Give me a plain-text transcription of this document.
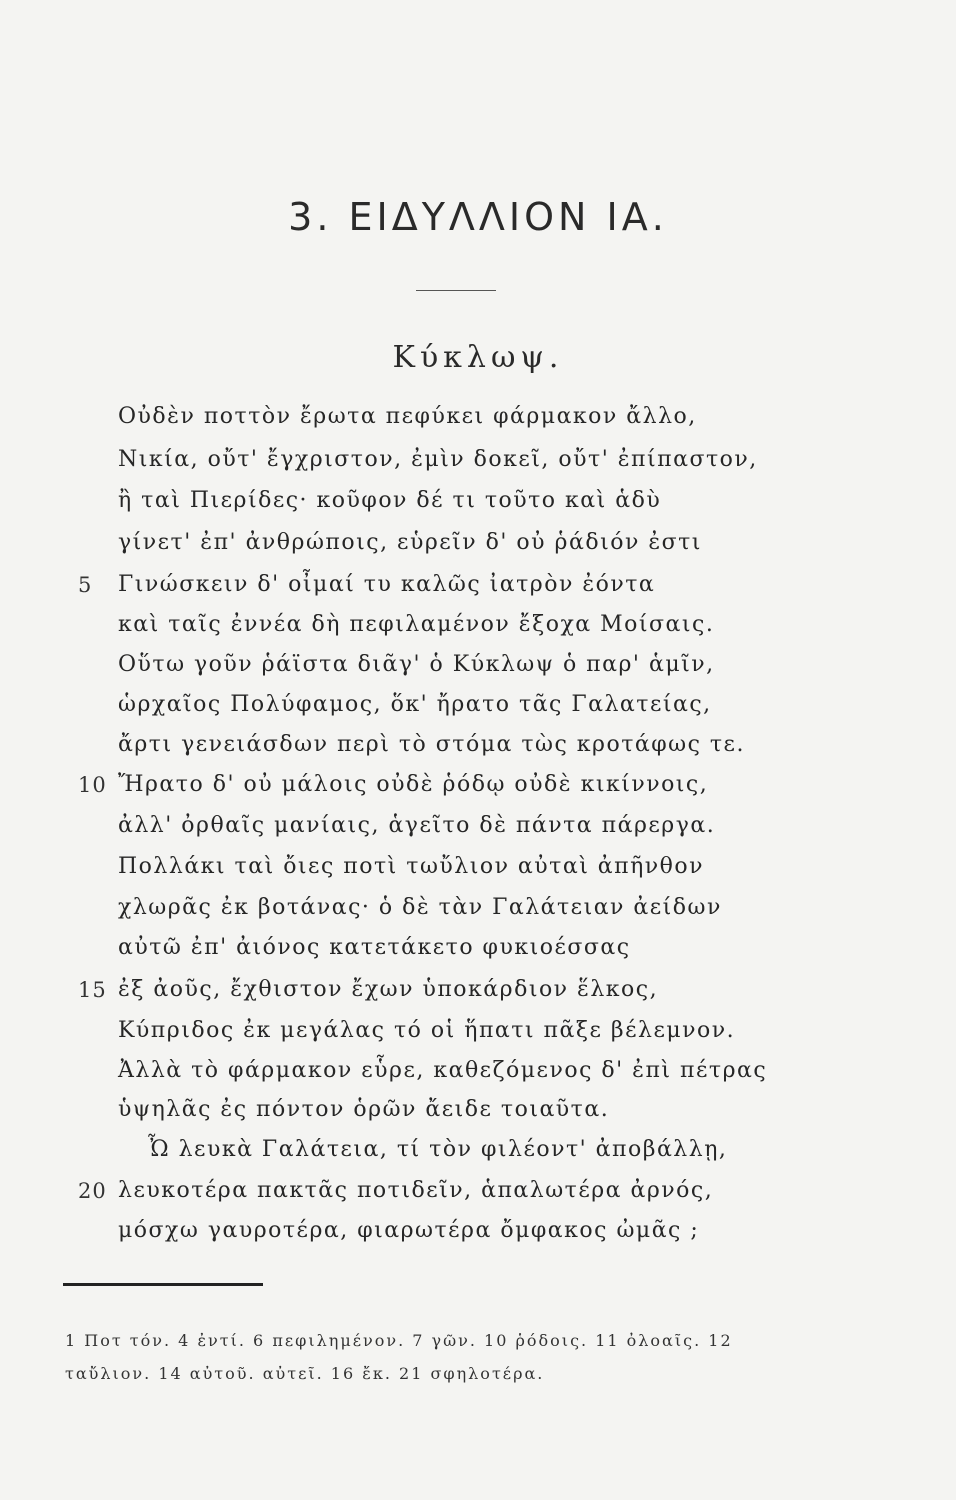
3. ΕΙΔΥΛΛΙΟΝ ΙΑ.
Κύκλωψ.
Οὐδὲν ποττὸν ἔρωτα πεφύκει φάρμακον ἄλλο,
Νικία, οὔτ' ἔγχριστον, ἐμὶν δοκεῖ, οὔτ' ἐπίπαστον,
ἢ ταὶ Πιερίδες· κοῦφον δέ τι τοῦτο καὶ ἁδὺ
γίνετ' ἐπ' ἀνθρώποις, εὑρεῖν δ' οὐ ῥάδιόν ἐστι
Γινώσκειν δ' οἶμαί τυ καλῶς ἰατρὸν ἐόντα
5
καὶ ταῖς ἐννέα δὴ πεφιλαμένον ἔξοχα Μοίσαις.
Οὕτω γοῦν ῥάϊστα διᾶγ' ὁ Κύκλωψ ὁ παρ' ἁμῖν,
ὡρχαῖος Πολύφαμος, ὅκ' ἤρατο τᾶς Γαλατείας,
ἄρτι γενειάσδων περὶ τὸ στόμα τὼς κροτάφως τε.
Ἤρατο δ' οὐ μάλοις οὐδὲ ῥόδῳ οὐδὲ κικίννοις,
10
ἀλλ' ὀρθαῖς μανίαις, ἁγεῖτο δὲ πάντα πάρεργα.
Πολλάκι ταὶ ὄιες ποτὶ τωὔλιον αὐταὶ ἀπῆνθον
χλωρᾶς ἐκ βοτάνας· ὁ δὲ τὰν Γαλάτειαν ἀείδων
αὐτῶ ἐπ' ἀιόνος κατετάκετο φυκιοέσσας
ἐξ ἀοῦς, ἔχθιστον ἔχων ὑποκάρδιον ἕλκος,
15
Κύπριδος ἐκ μεγάλας τό οἱ ἥπατι πᾶξε βέλεμνον.
Ἀλλὰ τὸ φάρμακον εὗρε, καθεζόμενος δ' ἐπὶ πέτρας
ὑψηλᾶς ἐς πόντον ὁρῶν ἄειδε τοιαῦτα.
Ὦ λευκὰ Γαλάτεια, τί τὸν φιλέοντ' ἀποβάλλῃ,
λευκοτέρα πακτᾶς ποτιδεῖν, ἁπαλωτέρα ἀρνός,
20
μόσχω γαυροτέρα, φιαρωτέρα ὄμφακος ὠμᾶς ;
1 Ποτ τόν. 4 ἐντί. 6 πεφιλημένον. 7 γῶν. 10 ῥόδοις. 11 ὀλοαῖς. 12
ταὔλιον. 14 αὐτοῦ. αὐτεῖ. 16 ἔκ. 21 σφηλοτέρα.
